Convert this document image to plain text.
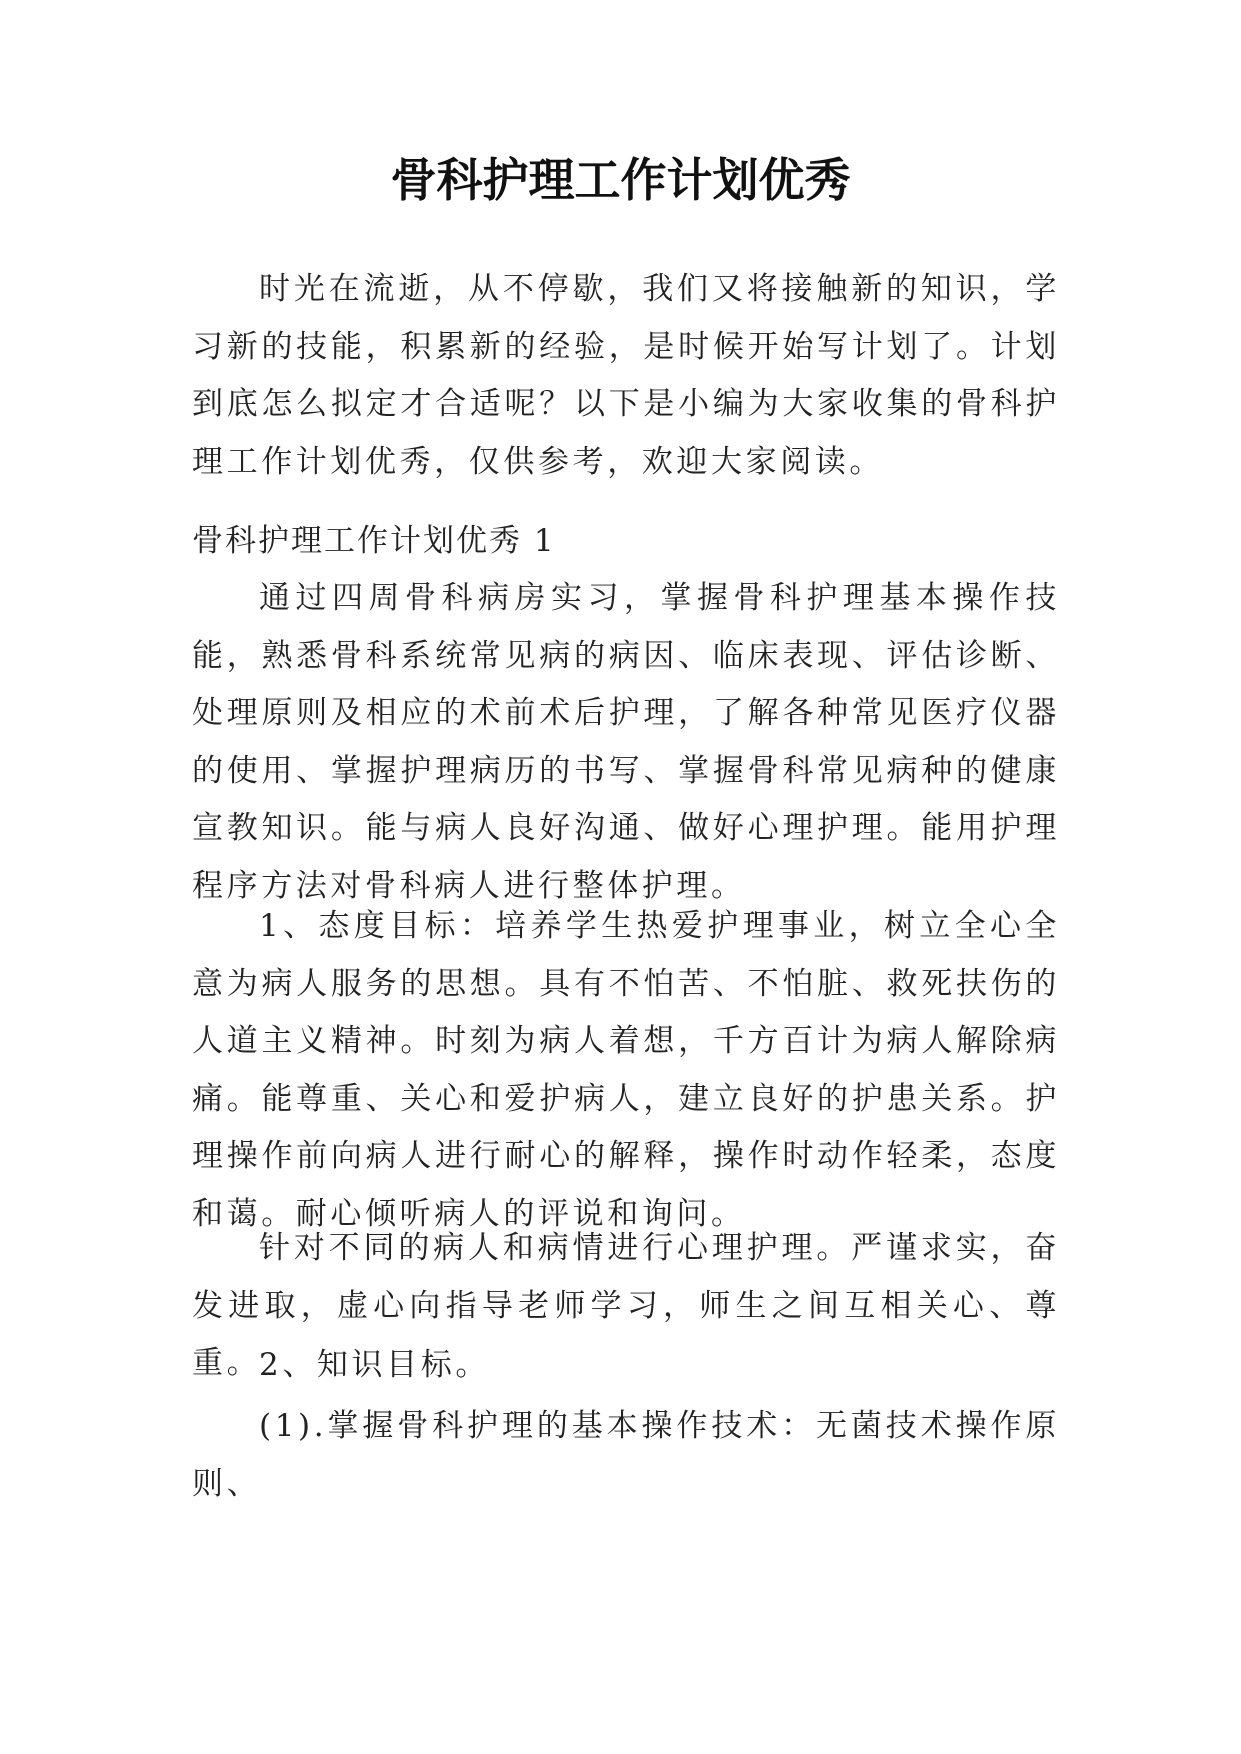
骨科护理工作计划优秀

时光在流逝，从不停歇，我们又将接触新的知识，学习新的技能，积累新的经验，是时候开始写计划了。计划到底怎么拟定才合适呢？以下是小编为大家收集的骨科护理工作计划优秀，仅供参考，欢迎大家阅读。

骨科护理工作计划优秀 1

通过四周骨科病房实习，掌握骨科护理基本操作技能，熟悉骨科系统常见病的病因、临床表现、评估诊断、处理原则及相应的术前术后护理，了解各种常见医疗仪器的使用、掌握护理病历的书写、掌握骨科常见病种的健康宣教知识。能与病人良好沟通、做好心理护理。能用护理程序方法对骨科病人进行整体护理。

1、态度目标：培养学生热爱护理事业，树立全心全意为病人服务的思想。具有不怕苦、不怕脏、救死扶伤的人道主义精神。时刻为病人着想，千方百计为病人解除病痛。能尊重、关心和爱护病人，建立良好的护患关系。护理操作前向病人进行耐心的解释，操作时动作轻柔，态度和蔼。耐心倾听病人的评说和询问。

针对不同的病人和病情进行心理护理。严谨求实，奋发进取，虚心向指导老师学习，师生之间互相关心、尊重。

2、知识目标。

(1).掌握骨科护理的基本操作技术：无菌技术操作原则、
